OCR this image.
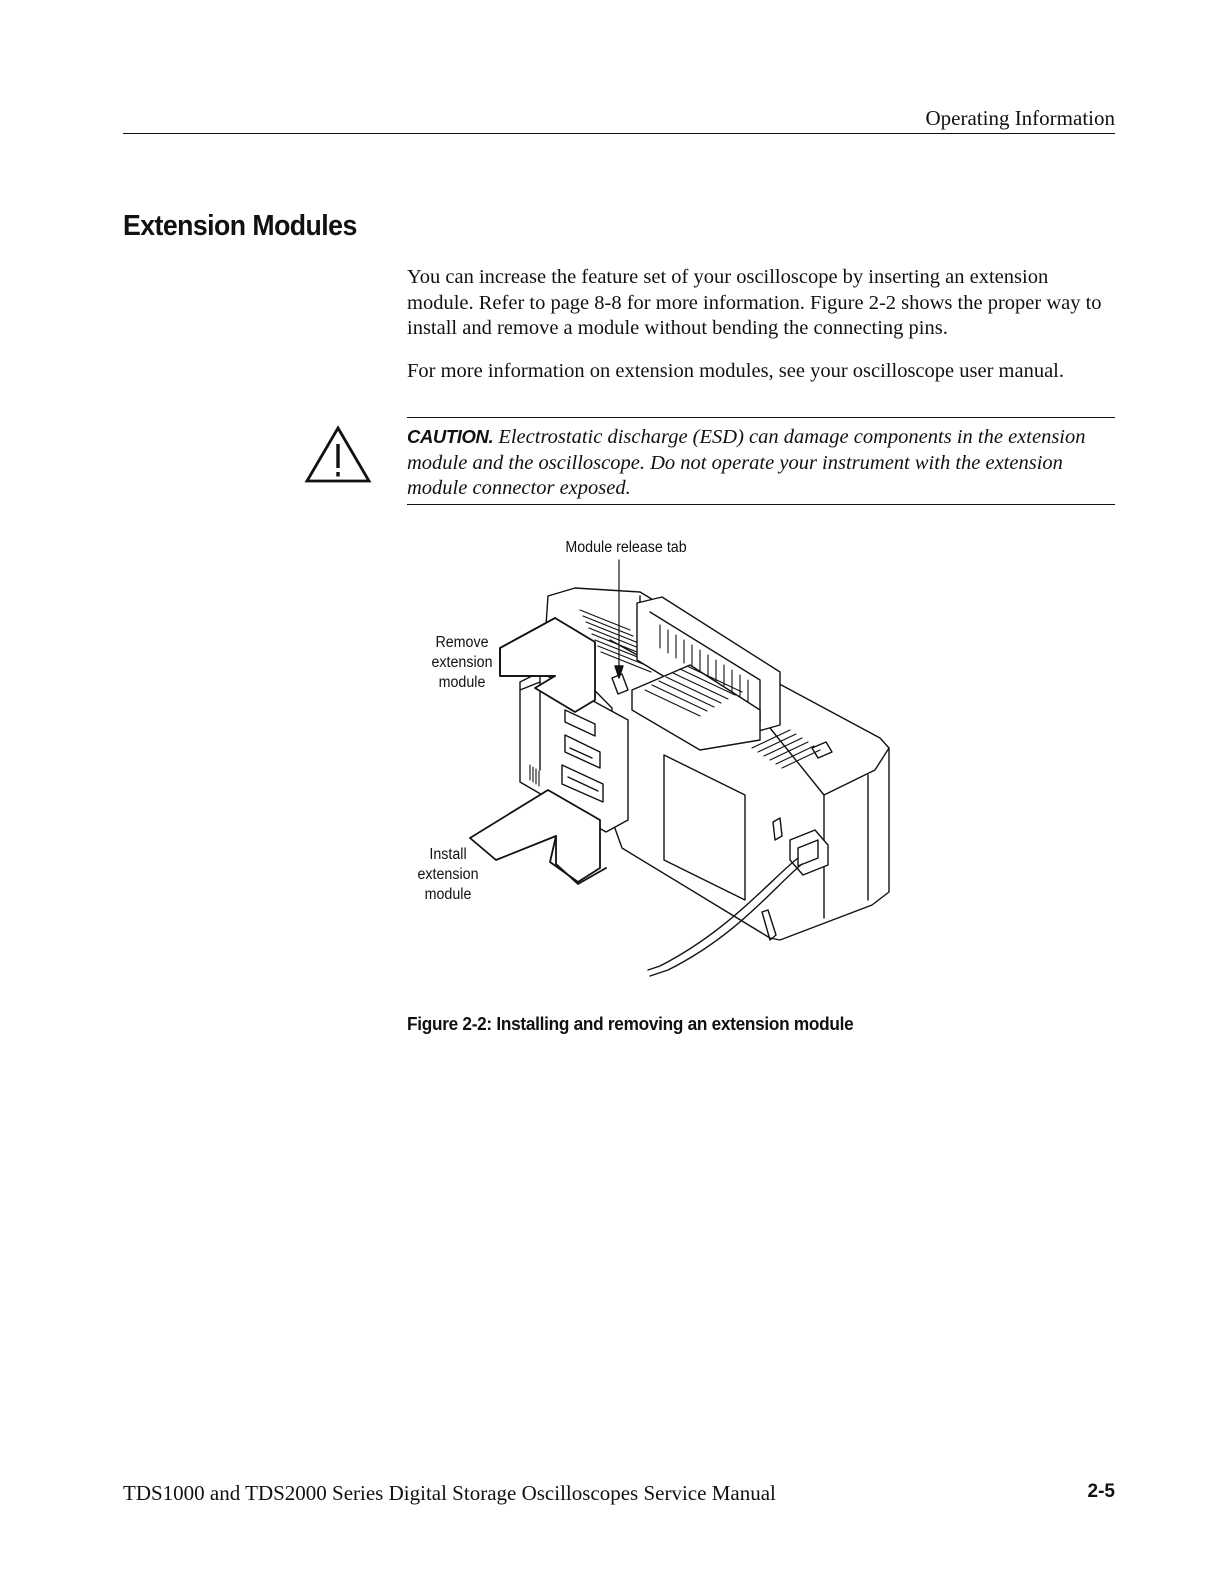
Operating Information
Extension Modules

You can increase the feature set of your oscilloscope by inserting an extension module. Refer to page 8-8 for more information. Figure 2-2 shows the proper way to install and remove a module without bending the connecting pins.

For more information on extension modules, see your oscilloscope user manual.

CAUTION. Electrostatic discharge (ESD) can damage components in the extension module and the oscilloscope. Do not operate your instrument with the extension module connector exposed.

Module release tab
Remove
extension
module
Install
extension
module

Figure 2-2: Installing and removing an extension module

TDS1000 and TDS2000 Series Digital Storage Oscilloscopes Service Manual	2-5
